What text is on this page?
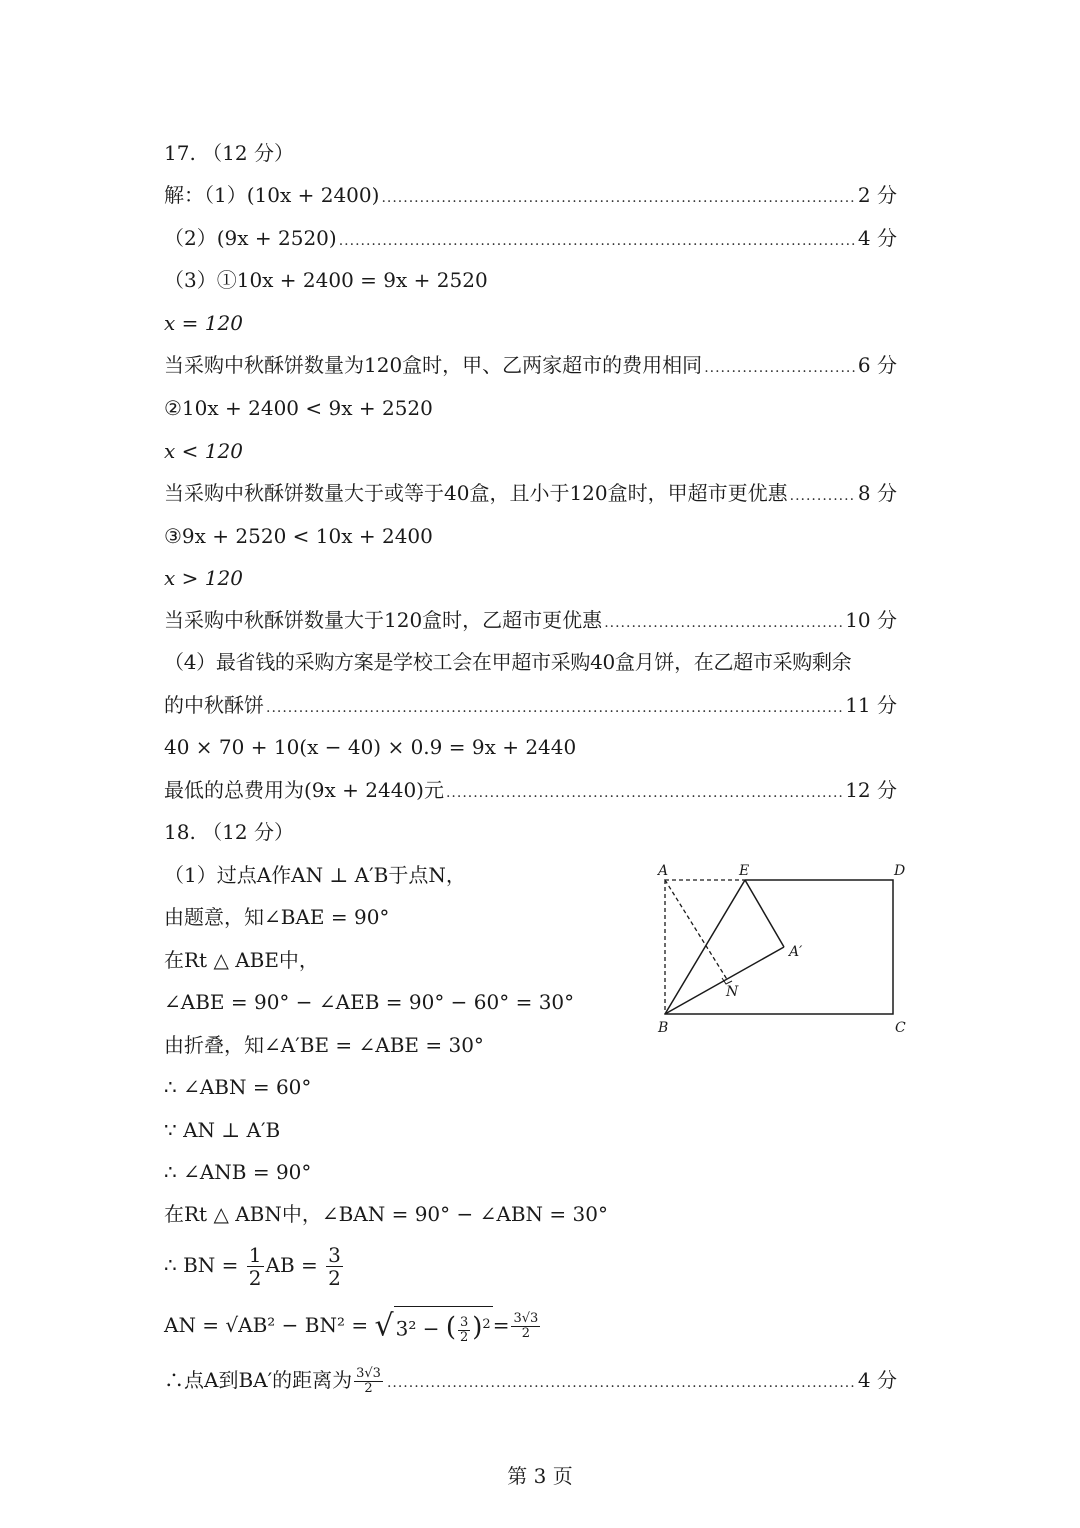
17. （12 分）
解：（1）(10x + 2400) .....	2 分
（2）(9x + 2520) .....	4 分
（3）①10x + 2400 = 9x + 2520
x = 120
当采购中秋酥饼数量为120盒时，甲、乙两家超市的费用相同 .....	6 分
②10x + 2400 < 9x + 2520
x < 120
当采购中秋酥饼数量大于或等于40盒，且小于120盒时，甲超市更优惠 .....	8 分
③9x + 2520 < 10x + 2400
x > 120
当采购中秋酥饼数量大于120盒时，乙超市更优惠 .....	10 分
（4）最省钱的采购方案是学校工会在甲超市采购40盒月饼，在乙超市采购剩余
的中秋酥饼 .....	11 分
40 × 70 + 10(x − 40) × 0.9 = 9x + 2440
最低的总费用为(9x + 2440)元 .....	12 分
18. （12 分）
（1）过点A作AN ⊥ A′B于点N，
由题意，知∠BAE = 90°
在Rt △ ABE中，
∠ABE = 90° − ∠AEB = 90° − 60° = 30°
由折叠，知∠A′BE = ∠ABE = 30°
∴ ∠ABN = 60°
∵ AN ⊥ A′B
∴ ∠ANB = 90°
在Rt △ ABN中，∠BAN = 90° − ∠ABN = 30°
∴ BN = $\frac{1}{2}$ AB = $\frac{3}{2}$
AN = √AB² − BN² = √ 3² − ( $\frac{3}{2} )^2 = \frac{3√3}{2}$
∴点A到BA′的距离为 $\frac{3√3}{2}$ .....	4 分
A	E	D
A′
N
B	C
第 3 页
